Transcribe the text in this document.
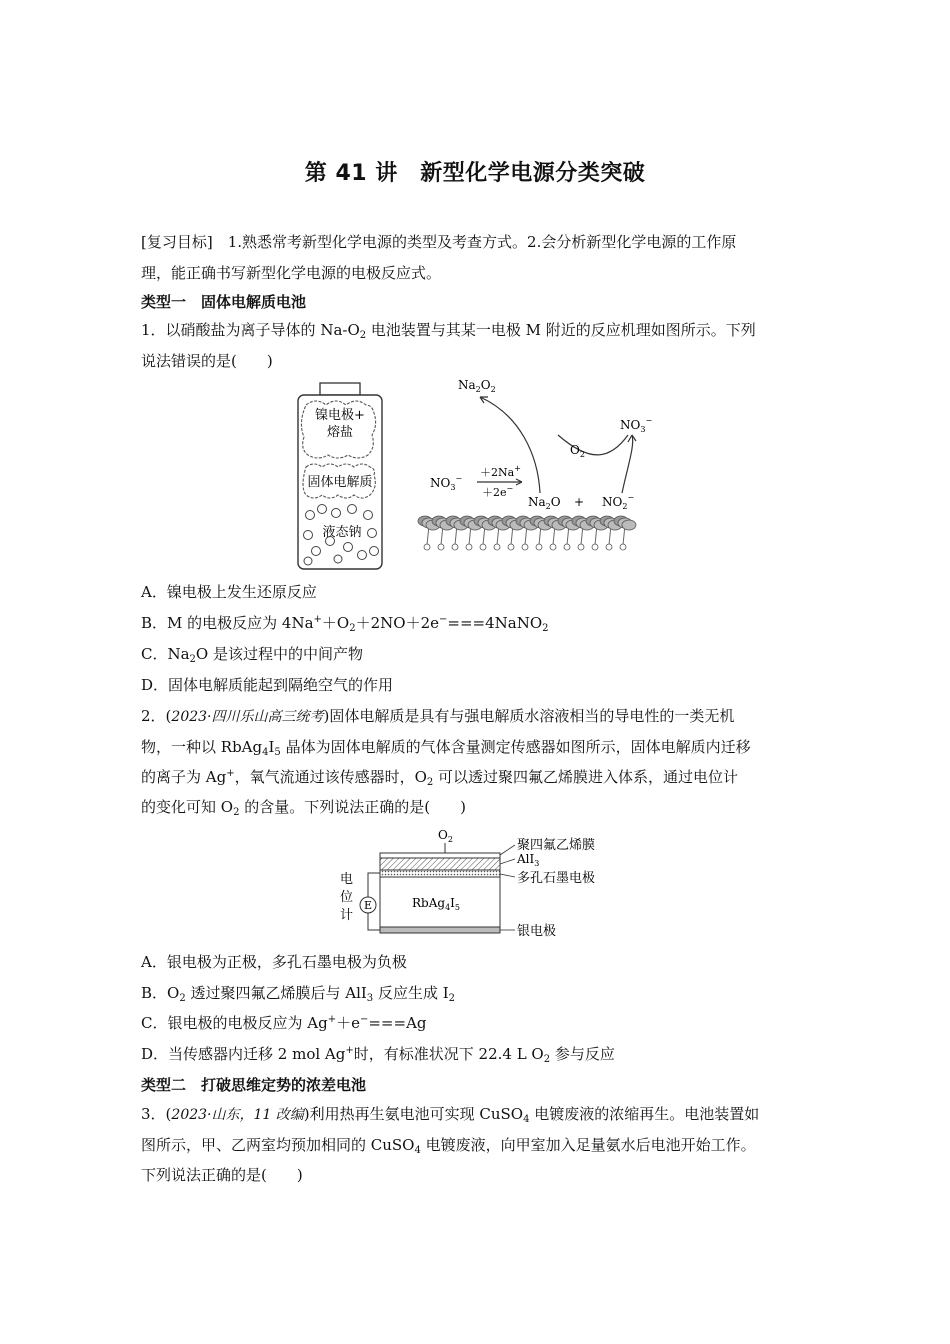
第 41 讲　新型化学电源分类突破
[复习目标]　1.熟悉常考新型化学电源的类型及考查方式。2.会分析新型化学电源的工作原
理，能正确书写新型化学电源的电极反应式。
类型一　固体电解质电池
1．以硝酸盐为离子导体的 $Na-O_2$ 电池装置与其某一电极 M 附近的反应机理如图所示。下列
说法错误的是(　　)
镍电极+
熔盐
固体电解质
液态钠
$Na_2O_2$
$O_2$
$NO_3^-$
$NO_3^- +2Na^+$
＋2e−
$Na_2O + NO_2^-$
A．镍电极上发生还原反应
B．M 的电极反应为 $4Na^++O_2+2NO+2e^-===4NaNO_2$
C．$Na_2O$ 是该过程中的中间产物
D．固体电解质能起到隔绝空气的作用
2．(2023·四川乐山高三统考)固体电解质是具有与强电解质水溶液相当的导电性的一类无机
物，一种以 $RbAg_4I_5$ 晶体为固体电解质的气体含量测定传感器如图所示，固体电解质内迁移
的离子为 Ag+，氧气流通过该传感器时，$O_2$ 可以透过聚四氟乙烯膜进入体系，通过电位计
的变化可知 $O_2$ 的含量。下列说法正确的是(　　)
$O_2$
$RbAg_4I_5$
聚四氟乙烯膜
AlI$_3$
多孔石墨电极
银电极
E
电
位
计
A．银电极为正极，多孔石墨电极为负极
B．$O_2$ 透过聚四氟乙烯膜后与 AlI$_3$ 反应生成 $I_2$
C．银电极的电极反应为 Ag+＋e−===Ag
D．当传感器内迁移 2 mol Ag+时，有标准状况下 22.4 L $O_2$ 参与反应
类型二　打破思维定势的浓差电池
3．(2023·山东，11 改编)利用热再生氨电池可实现 CuSO$_4$ 电镀废液的浓缩再生。电池装置如
图所示，甲、乙两室均预加相同的 CuSO$_4$ 电镀废液，向甲室加入足量氨水后电池开始工作。
下列说法正确的是(　　)
